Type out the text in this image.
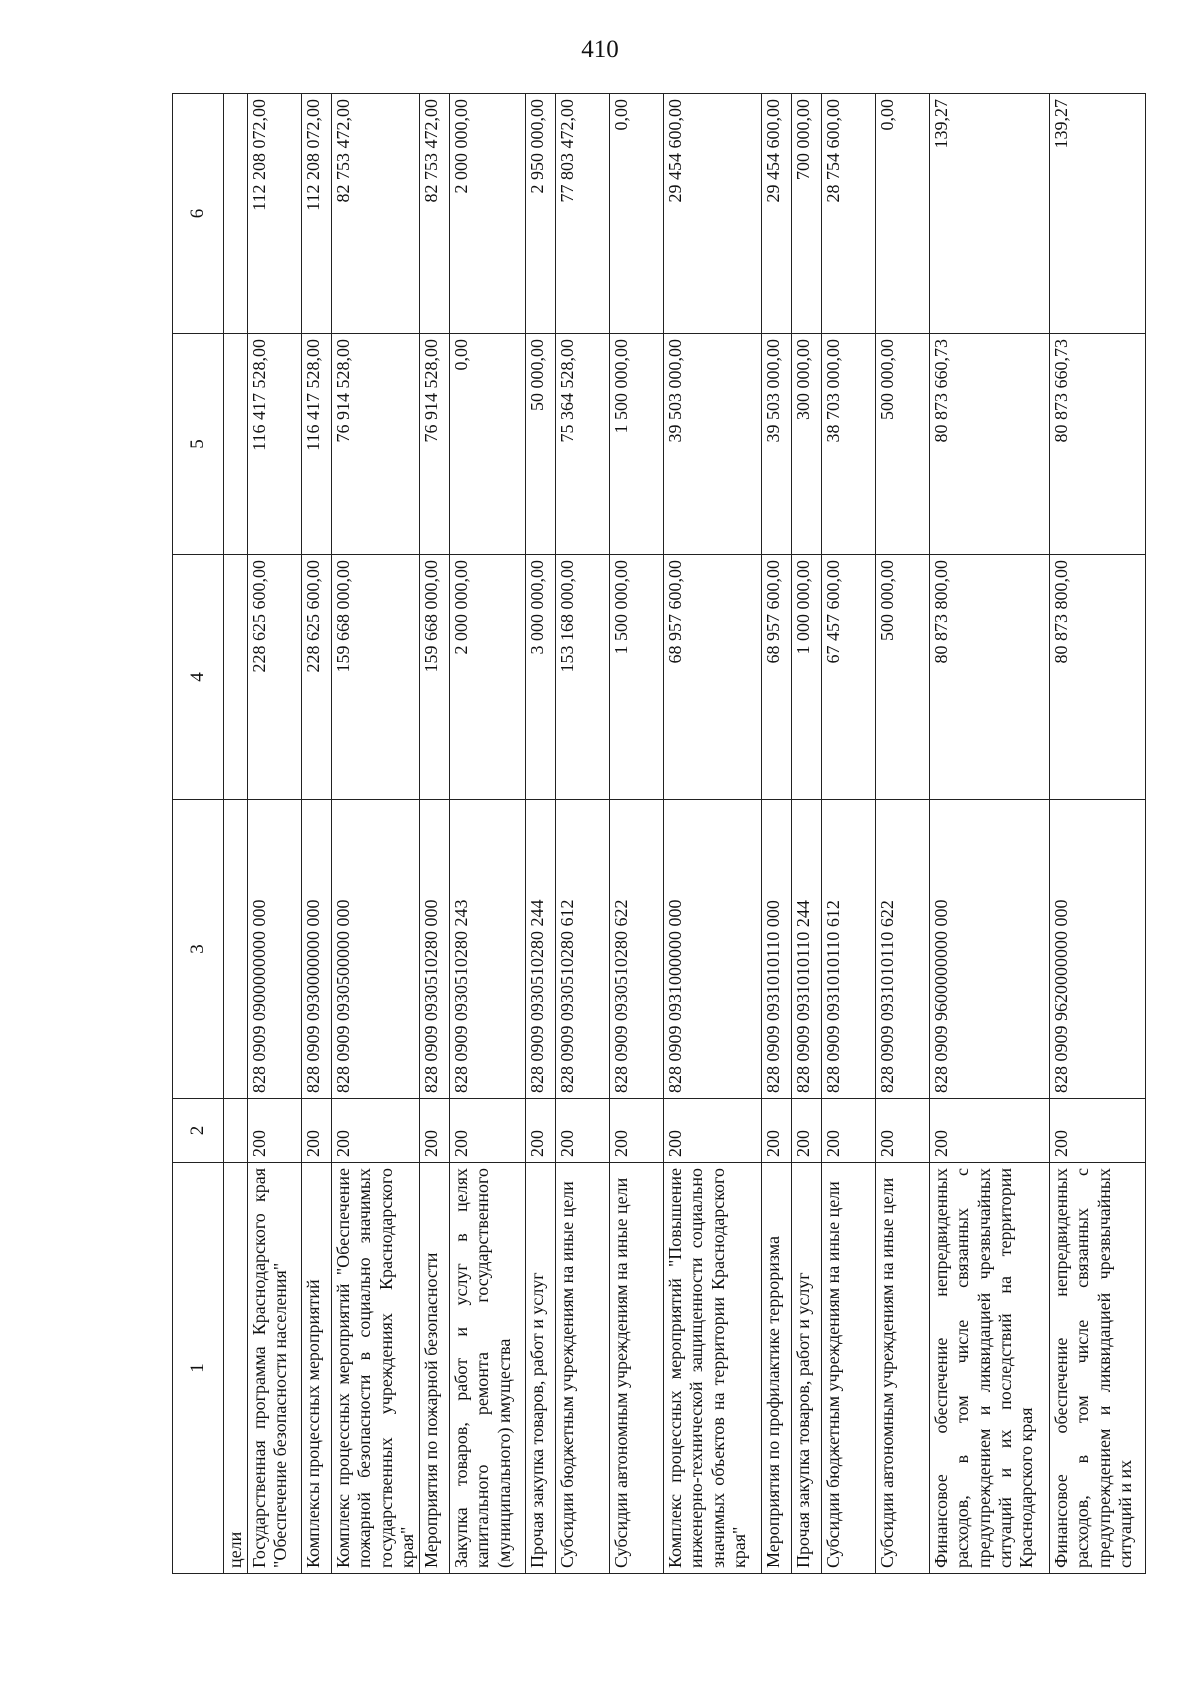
410
1	2	3	4	5	6
цели					
Государственная программа Краснодарского края "Обеспечение безопасности населения"	200	828 0909 0900000000 000	228 625 600,00	116 417 528,00	112 208 072,00
Комплексы процессных мероприятий	200	828 0909 0930000000 000	228 625 600,00	116 417 528,00	112 208 072,00
Комплекс процессных мероприятий "Обеспечение пожарной безопасности в социально значимых государственных учреждениях Краснодарского края"	200	828 0909 0930500000 000	159 668 000,00	76 914 528,00	82 753 472,00
Мероприятия по пожарной безопасности	200	828 0909 0930510280 000	159 668 000,00	76 914 528,00	82 753 472,00
Закупка товаров, работ и услуг в целях капитального ремонта государственного (муниципального) имущества	200	828 0909 0930510280 243	2 000 000,00	0,00	2 000 000,00
Прочая закупка товаров, работ и услуг	200	828 0909 0930510280 244	3 000 000,00	50 000,00	2 950 000,00
Субсидии бюджетным учреждениям на иные цели	200	828 0909 0930510280 612	153 168 000,00	75 364 528,00	77 803 472,00
Субсидии автономным учреждениям на иные цели	200	828 0909 0930510280 622	1 500 000,00	1 500 000,00	0,00
Комплекс процессных мероприятий "Повышение инженерно-технической защищенности социально значимых объектов на территории Краснодарского края"	200	828 0909 0931000000 000	68 957 600,00	39 503 000,00	29 454 600,00
Мероприятия по профилактике терроризма	200	828 0909 0931010110 000	68 957 600,00	39 503 000,00	29 454 600,00
Прочая закупка товаров, работ и услуг	200	828 0909 0931010110 244	1 000 000,00	300 000,00	700 000,00
Субсидии бюджетным учреждениям на иные цели	200	828 0909 0931010110 612	67 457 600,00	38 703 000,00	28 754 600,00
Субсидии автономным учреждениям на иные цели	200	828 0909 0931010110 622	500 000,00	500 000,00	0,00
Финансовое обеспечение непредвиденных расходов, в том числе связанных с предупреждением и ликвидацией чрезвычайных ситуаций и их последствий на территории Краснодарского края	200	828 0909 9600000000 000	80 873 800,00	80 873 660,73	139,27
Финансовое обеспечение непредвиденных расходов, в том числе связанных с предупреждением и ликвидацией чрезвычайных ситуаций и их	200	828 0909 9620000000 000	80 873 800,00	80 873 660,73	139,27
